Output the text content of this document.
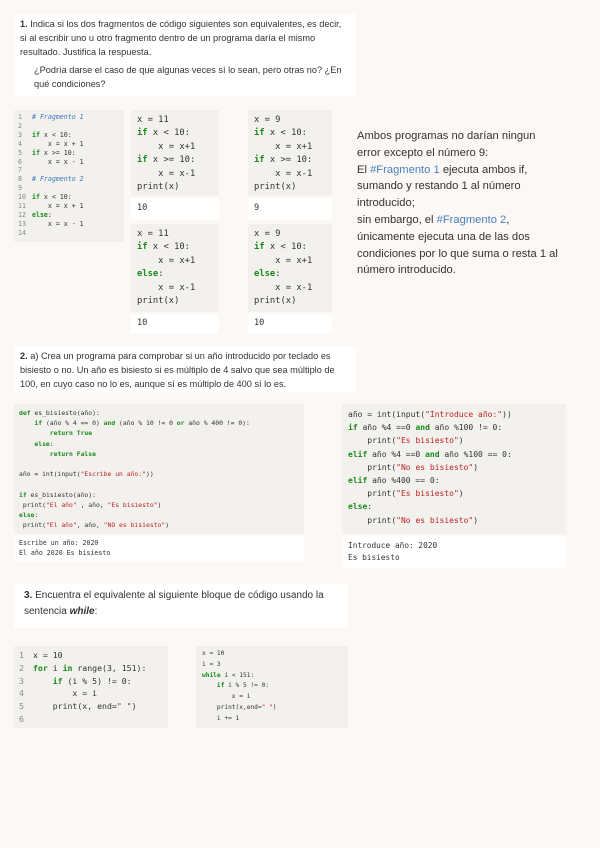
1. Indica si los dos fragmentos de código siguientes son equivalentes, es decir, si al escribir uno u otro fragmento dentro de un programa daría el mismo resultado. Justifica la respuesta.
¿Podría darse el caso de que algunas veces sí lo sean, pero otras no? ¿En qué condiciones?
1 # Fragmento 1
2
3 if x < 10:
4    x = x + 1
5 if x >= 10:
6    x = x - 1
7
8 # Fragmento 2
9
10 if x < 10:
11    x = x + 1
12 else:
13    x = x - 1
14
x = 11
if x < 10:
x = x+1
if x >= 10:
x = x-1
print(x)
10
x = 9
if x < 10:
x = x+1
if x >= 10:
x = x-1
print(x)
9
x = 11
if x < 10:
x = x+1
else:
x = x-1
print(x)
10
x = 9
if x < 10:
x = x+1
else:
x = x-1
print(x)
10
Ambos programas no darían ningun
error excepto el número 9:
El #Fragmento 1 ejecuta ambos if,
sumando y restando 1 al número
introducido;
sin embargo, el #Fragmento 2,
únicamente ejecuta una de las dos
condiciones por lo que suma o resta 1 al
número introducido.
2. a) Crea un programa para comprobar si un año introducido por teclado es bisiesto o no. Un año es bisiesto si es múltiplo de 4 salvo que sea múltiplo de 100, en cuyo caso no lo es, aunque sí es múltiplo de 400 sí lo es.
def es_bisiesto(año):
if (año % 4 == 0) and (año % 10 != 0 or año % 400 != 0):
return True
else:
return False
año = int(input("Escribe un año:"))
if es_bisiesto(año):
print("El año" , año, "Es bisiesto")
else:
print("El año", año, "NO es bisiesto")
Escribe un año: 2020
El año 2020 Es bisiesto
año = int(input("Introduce año:"))
if año %4 ==0 and año %100 != 0:
print("Es bisiesto")
elif año %4 ==0 and año %100 == 0:
print("No es bisiesto")
elif año %400 == 0:
print("Es bisiesto")
else:
print("No es bisiesto")
Introduce año: 2020
Es bisiesto
3. Encuentra el equivalente al siguiente bloque de código usando la sentencia while:
1 x = 10
2 for i in range(3, 151):
3	if (i % 5) != 0:
4        x = i
5    print(x, end=" ")
6
x = 10
i = 3
while i < 151:
if i % 5 != 0:
x = i
print(x,end=" ")
i += 1
